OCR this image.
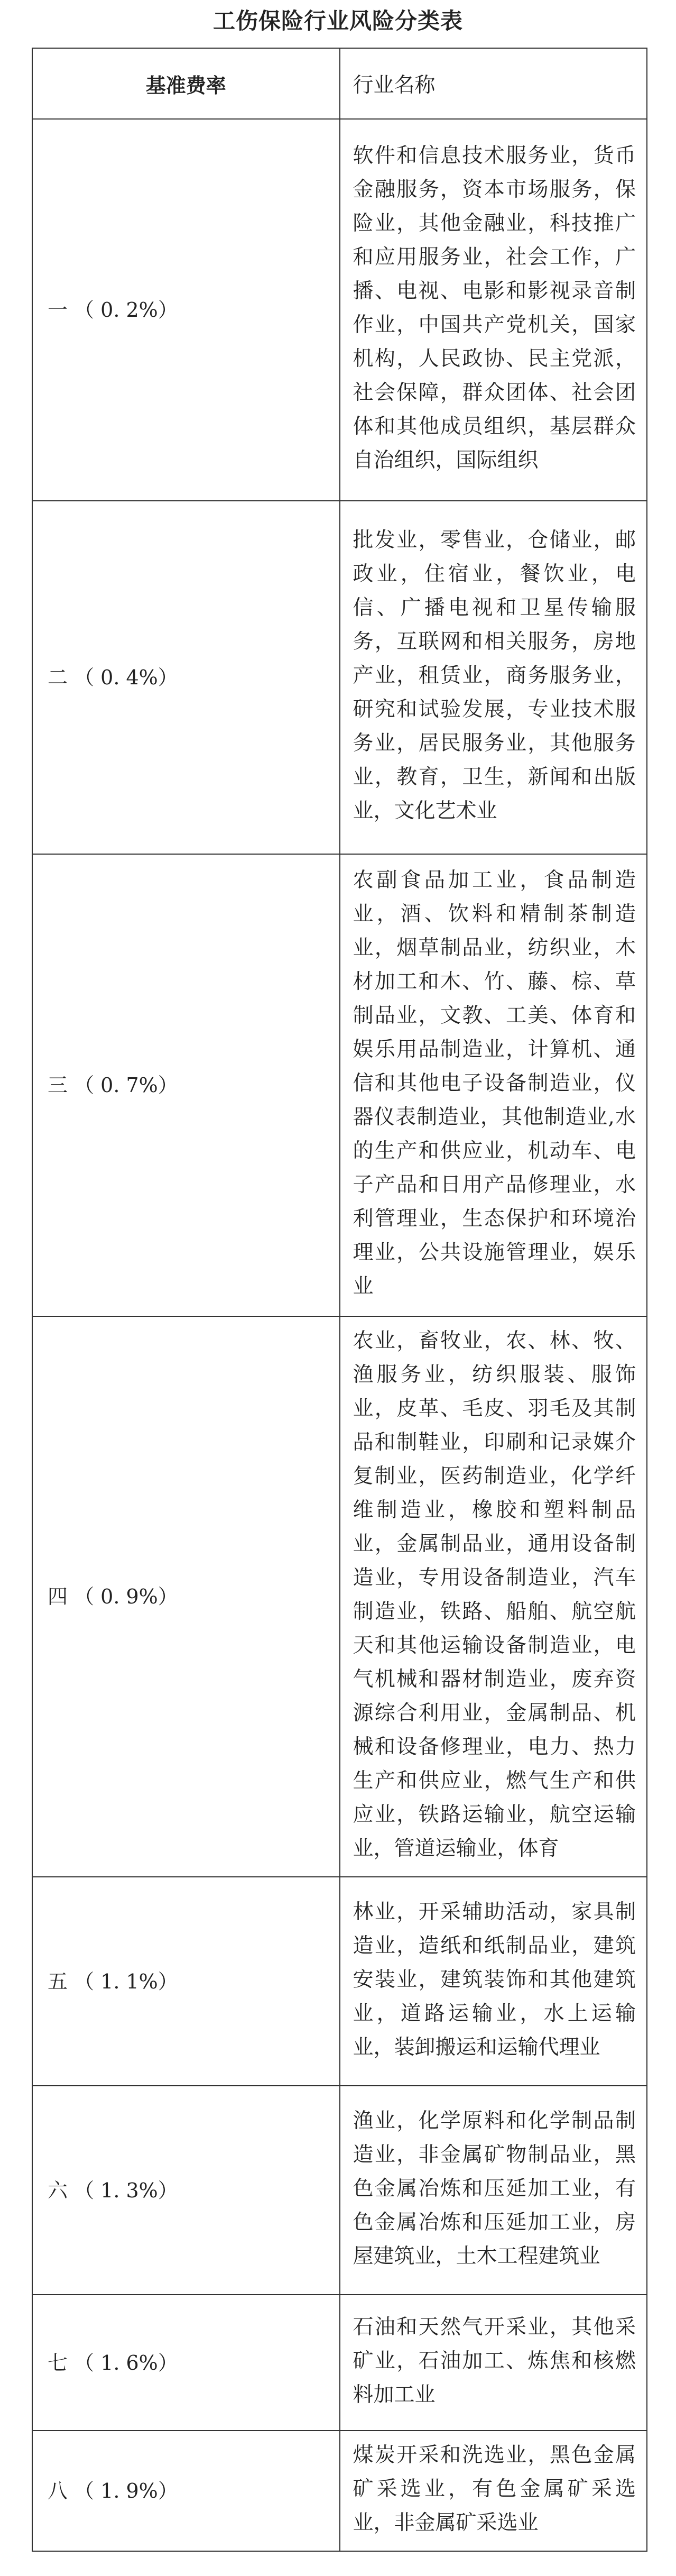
工伤保险行业风险分类表
基准费率	行业名称
一 （ 0. 2%）	软件和信息技术服务业，货币金融服务，资本市场服务，保险业，其他金融业，科技推广和应用服务业，社会工作，广播、电视、电影和影视录音制作业，中国共产党机关，国家机构，人民政协、民主党派，社会保障，群众团体、社会团体和其他成员组织，基层群众自治组织，国际组织
二 （ 0. 4%）	批发业，零售业，仓储业，邮政业，住宿业，餐饮业，电信、广播电视和卫星传输服务，互联网和相关服务，房地产业，租赁业，商务服务业，研究和试验发展，专业技术服务业，居民服务业，其他服务业，教育，卫生，新闻和出版业，文化艺术业
三 （ 0. 7%）	农副食品加工业，食品制造业，酒、饮料和精制茶制造业，烟草制品业，纺织业，木材加工和木、竹、藤、棕、草制品业，文教、工美、体育和娱乐用品制造业，计算机、通信和其他电子设备制造业，仪器仪表制造业，其他制造业,水的生产和供应业，机动车、电子产品和日用产品修理业，水利管理业，生态保护和环境治理业，公共设施管理业，娱乐业
四 （ 0. 9%）	农业，畜牧业，农、林、牧、渔服务业，纺织服装、服饰业，皮革、毛皮、羽毛及其制品和制鞋业，印刷和记录媒介复制业，医药制造业，化学纤维制造业，橡胶和塑料制品业，金属制品业，通用设备制造业，专用设备制造业，汽车制造业，铁路、船舶、航空航天和其他运输设备制造业，电气机械和器材制造业，废弃资源综合利用业，金属制品、机械和设备修理业，电力、热力生产和供应业，燃气生产和供应业，铁路运输业，航空运输业，管道运输业，体育
五 （ 1. 1%）	林业，开采辅助活动，家具制造业，造纸和纸制品业，建筑安装业，建筑装饰和其他建筑业，道路运输业，水上运输业，装卸搬运和运输代理业
六 （ 1. 3%）	渔业，化学原料和化学制品制造业，非金属矿物制品业，黑色金属冶炼和压延加工业，有色金属冶炼和压延加工业，房屋建筑业，土木工程建筑业
七 （ 1. 6%）	石油和天然气开采业，其他采矿业，石油加工、炼焦和核燃料加工业
八 （ 1. 9%）	煤炭开采和洗选业，黑色金属矿采选业，有色金属矿采选业，非金属矿采选业
